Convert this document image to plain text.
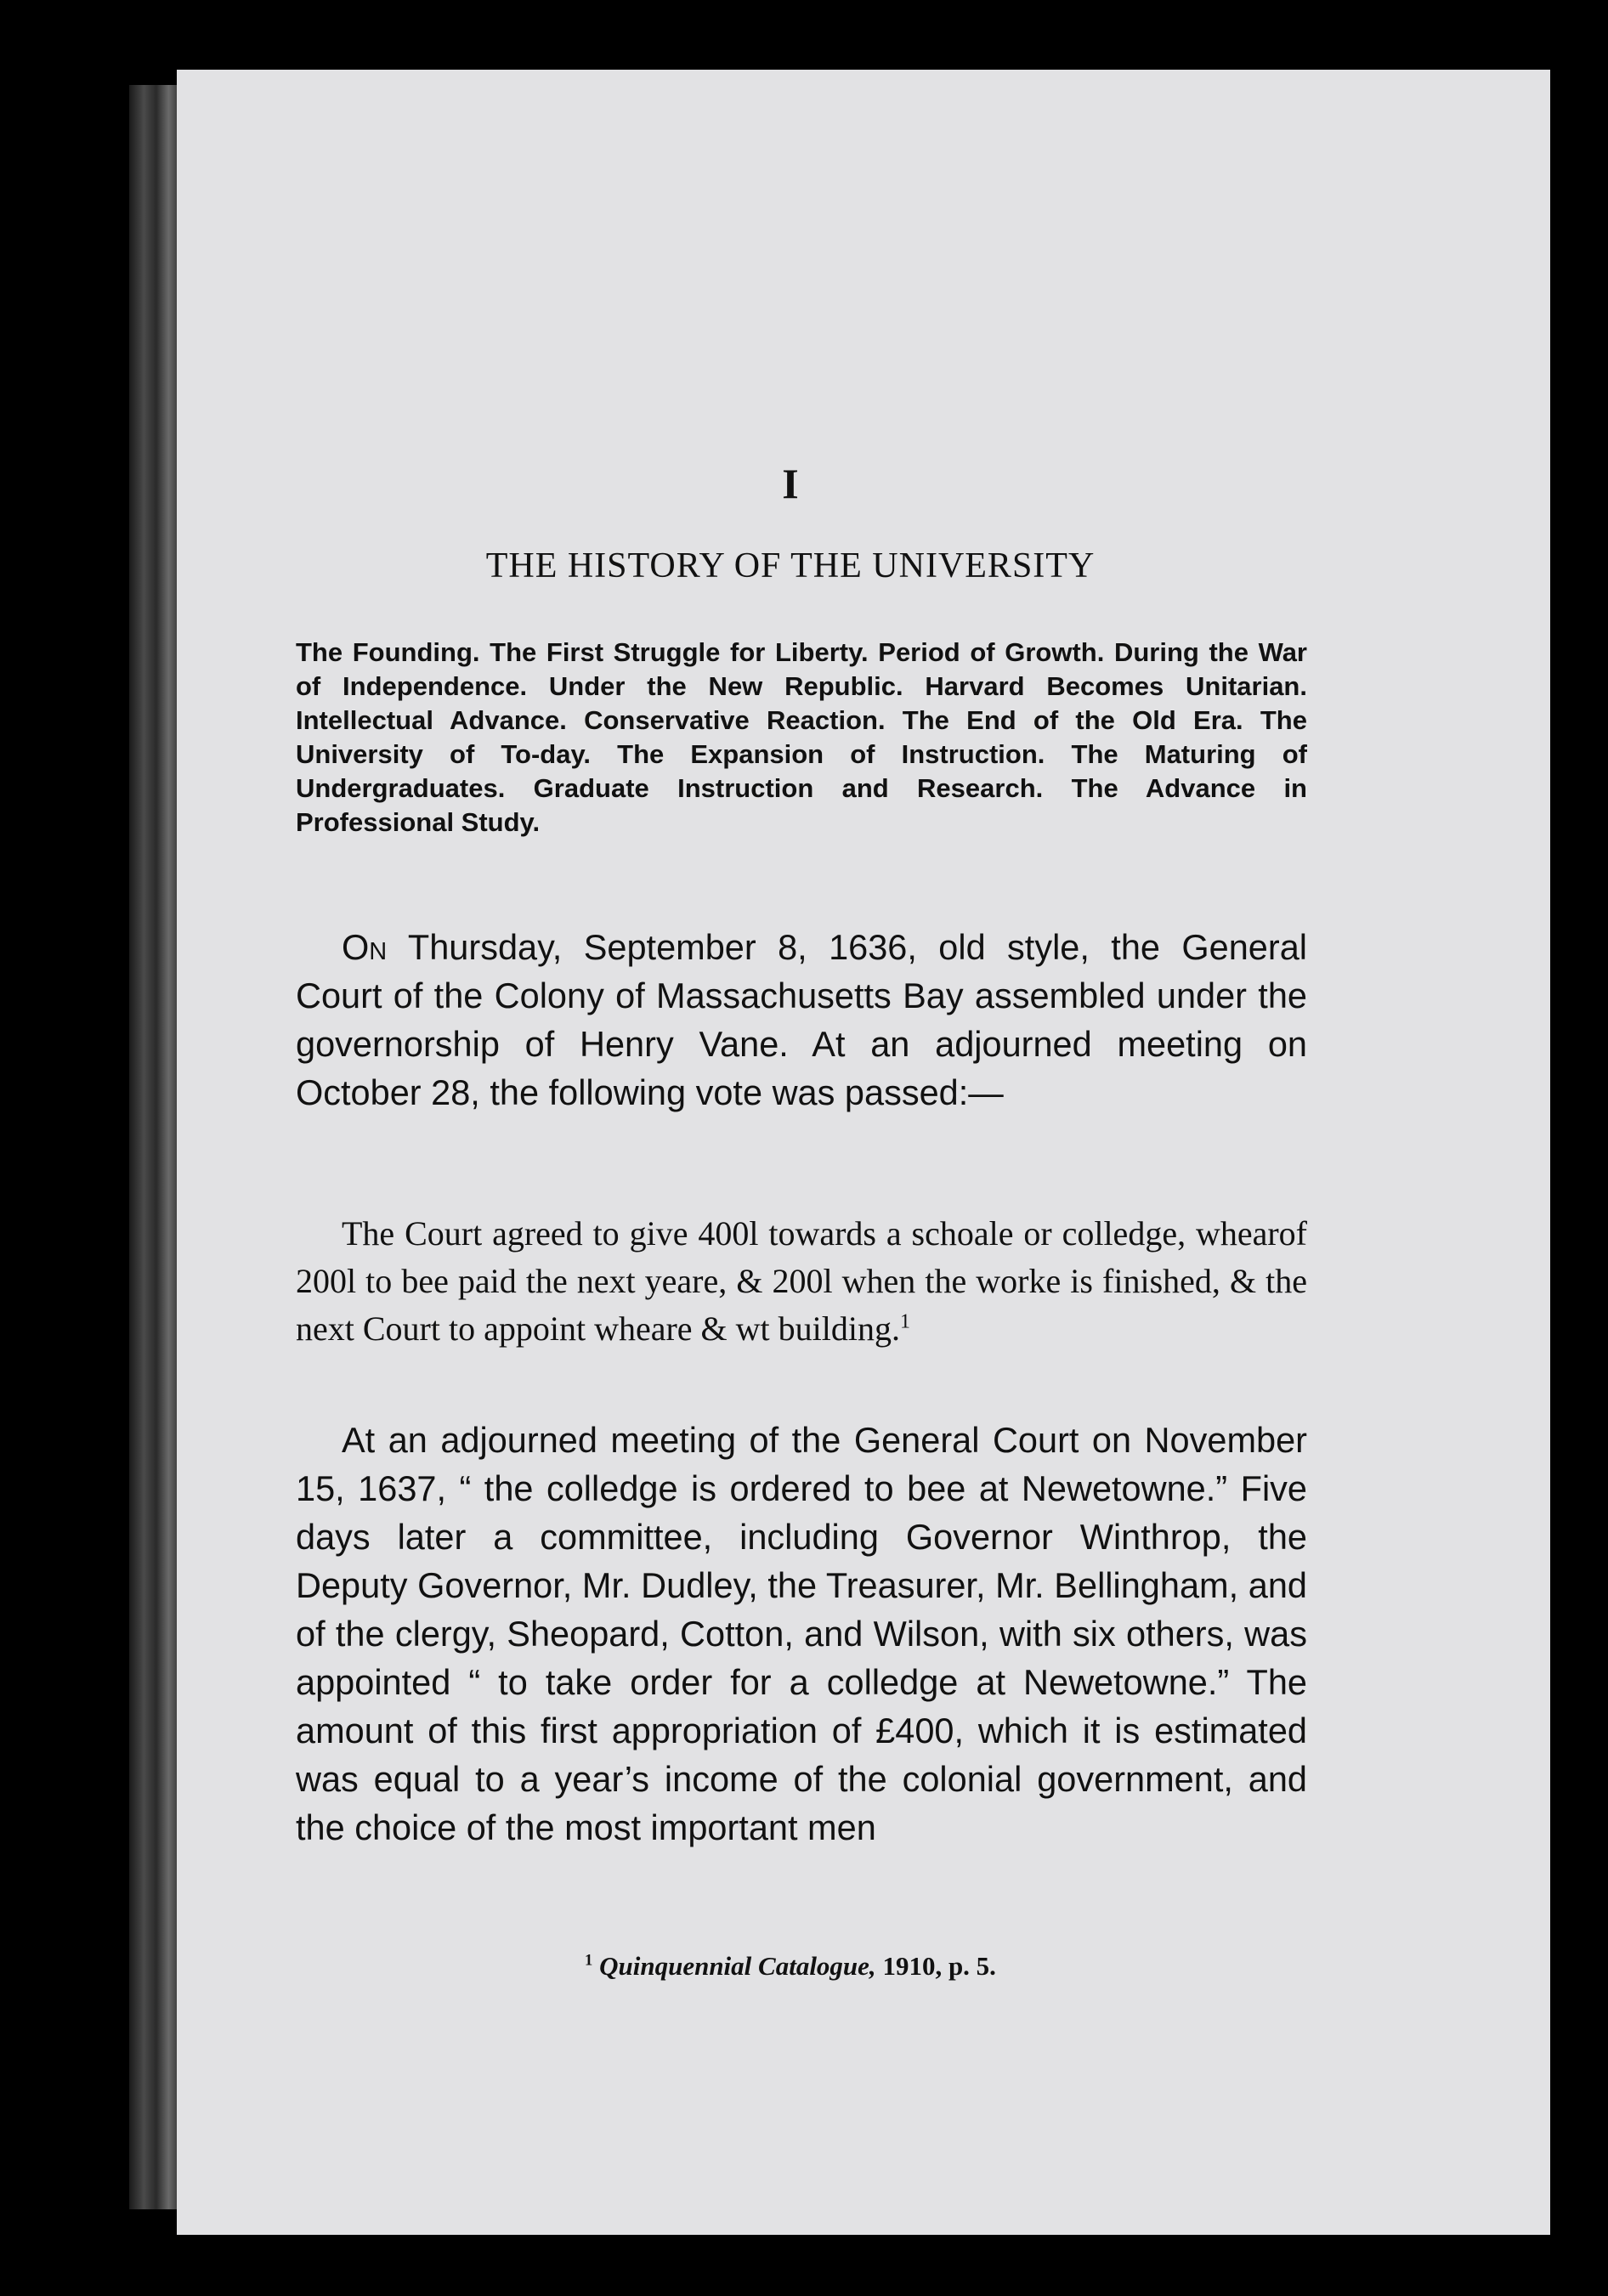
I
THE HISTORY OF THE UNIVERSITY
The Founding. The First Struggle for Liberty. Period of Growth. During the War of Independence. Under the New Republic. Harvard Becomes Unitarian. Intellectual Advance. Conservative Reaction. The End of the Old Era. The University of To-day. The Expansion of Instruction. The Maturing of Undergraduates. Graduate Instruction and Research. The Advance in Professional Study.
On Thursday, September 8, 1636, old style, the General Court of the Colony of Massachusetts Bay assembled under the governorship of Henry Vane. At an adjourned meeting on October 28, the following vote was passed:—
The Court agreed to give 400l towards a schoale or colledge, whearof 200l to bee paid the next yeare, & 200l when the worke is finished, & the next Court to appoint wheare & wt building.$^1$
At an adjourned meeting of the General Court on November 15, 1637, “ the colledge is ordered to bee at Newetowne.” Five days later a committee, including Governor Winthrop, the Deputy Governor, Mr. Dudley, the Treasurer, Mr. Bellingham, and of the clergy, Sheopard, Cotton, and Wilson, with six others, was appointed “ to take order for a colledge at Newetowne.” The amount of this first appropriation of £400, which it is estimated was equal to a year’s income of the colonial government, and the choice of the most important men
$^1$ Quinquennial Catalogue, 1910, p. 5.
